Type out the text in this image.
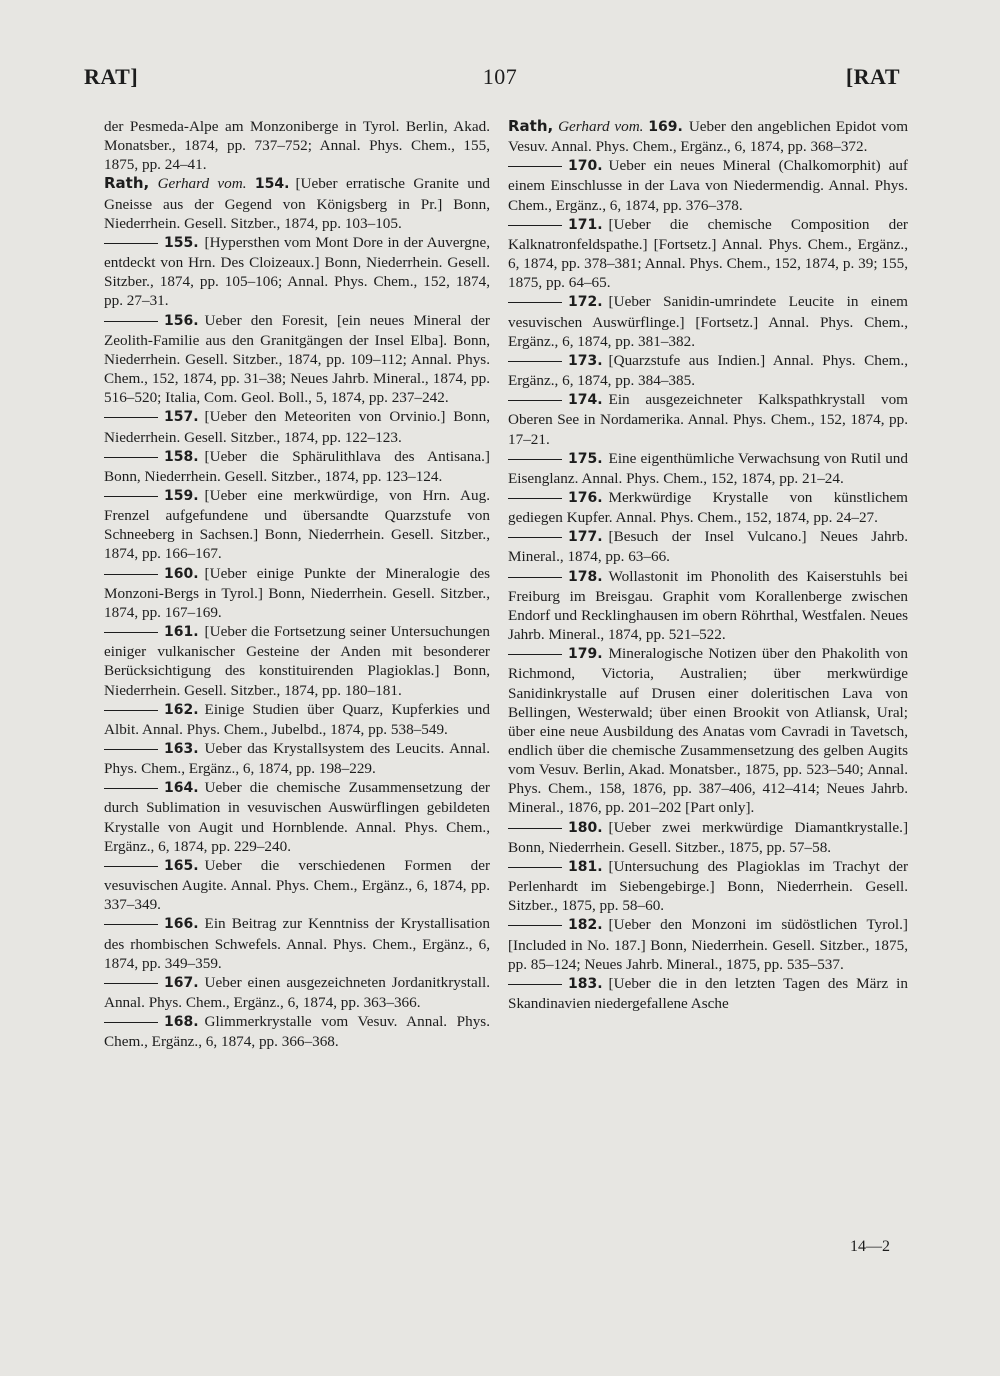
107
RAT]	[RAT

der Pesmeda-Alpe am Monzoniberge in Tyrol. Berlin, Akad. Monatsber., 1874, pp. 737–752; Annal. Phys. Chem., 155, 1875, pp. 24–41.

Rath, Gerhard vom. 154. [Ueber erratische Granite und Gneisse aus der Gegend von Königsberg in Pr.] Bonn, Niederrhein. Gesell. Sitzber., 1874, pp. 103–105.

155. [Hypersthen vom Mont Dore in der Auvergne, entdeckt von Hrn. Des Cloizeaux.] Bonn, Niederrhein. Gesell. Sitzber., 1874, pp. 105–106; Annal. Phys. Chem., 152, 1874, pp. 27–31.

156. Ueber den Foresit, [ein neues Mineral der Zeolith-Familie aus den Granitgängen der Insel Elba]. Bonn, Niederrhein. Gesell. Sitzber., 1874, pp. 109–112; Annal. Phys. Chem., 152, 1874, pp. 31–38; Neues Jahrb. Mineral., 1874, pp. 516–520; Italia, Com. Geol. Boll., 5, 1874, pp. 237–242.

157. [Ueber den Meteoriten von Orvinio.] Bonn, Niederrhein. Gesell. Sitzber., 1874, pp. 122–123.

158. [Ueber die Sphärulithlava des Antisana.] Bonn, Niederrhein. Gesell. Sitzber., 1874, pp. 123–124.

159. [Ueber eine merkwürdige, von Hrn. Aug. Frenzel aufgefundene und übersandte Quarzstufe von Schneeberg in Sachsen.] Bonn, Niederrhein. Gesell. Sitzber., 1874, pp. 166–167.

160. [Ueber einige Punkte der Mineralogie des Monzoni-Bergs in Tyrol.] Bonn, Niederrhein. Gesell. Sitzber., 1874, pp. 167–169.

161. [Ueber die Fortsetzung seiner Untersuchungen einiger vulkanischer Gesteine der Anden mit besonderer Berücksichtigung des konstituirenden Plagioklas.] Bonn, Niederrhein. Gesell. Sitzber., 1874, pp. 180–181.

162. Einige Studien über Quarz, Kupferkies und Albit. Annal. Phys. Chem., Jubelbd., 1874, pp. 538–549.

163. Ueber das Krystallsystem des Leucits. Annal. Phys. Chem., Ergänz., 6, 1874, pp. 198–229.

164. Ueber die chemische Zusammensetzung der durch Sublimation in vesuvischen Auswürflingen gebildeten Krystalle von Augit und Hornblende. Annal. Phys. Chem., Ergänz., 6, 1874, pp. 229–240.

165. Ueber die verschiedenen Formen der vesuvischen Augite. Annal. Phys. Chem., Ergänz., 6, 1874, pp. 337–349.

166. Ein Beitrag zur Kenntniss der Krystallisation des rhombischen Schwefels. Annal. Phys. Chem., Ergänz., 6, 1874, pp. 349–359.

167. Ueber einen ausgezeichneten Jordanitkrystall. Annal. Phys. Chem., Ergänz., 6, 1874, pp. 363–366.

168. Glimmerkrystalle vom Vesuv. Annal. Phys. Chem., Ergänz., 6, 1874, pp. 366–368.

Rath, Gerhard vom. 169. Ueber den angeblichen Epidot vom Vesuv. Annal. Phys. Chem., Ergänz., 6, 1874, pp. 368–372.

170. Ueber ein neues Mineral (Chalkomorphit) auf einem Einschlusse in der Lava von Niedermendig. Annal. Phys. Chem., Ergänz., 6, 1874, pp. 376–378.

171. [Ueber die chemische Composition der Kalknatronfeldspathe.] [Fortsetz.] Annal. Phys. Chem., Ergänz., 6, 1874, pp. 378–381; Annal. Phys. Chem., 152, 1874, p. 39; 155, 1875, pp. 64–65.

172. [Ueber Sanidin-umrindete Leucite in einem vesuvischen Auswürflinge.] [Fortsetz.] Annal. Phys. Chem., Ergänz., 6, 1874, pp. 381–382.

173. [Quarzstufe aus Indien.] Annal. Phys. Chem., Ergänz., 6, 1874, pp. 384–385.

174. Ein ausgezeichneter Kalkspathkrystall vom Oberen See in Nordamerika. Annal. Phys. Chem., 152, 1874, pp. 17–21.

175. Eine eigenthümliche Verwachsung von Rutil und Eisenglanz. Annal. Phys. Chem., 152, 1874, pp. 21–24.

176. Merkwürdige Krystalle von künstlichem gediegen Kupfer. Annal. Phys. Chem., 152, 1874, pp. 24–27.

177. [Besuch der Insel Vulcano.] Neues Jahrb. Mineral., 1874, pp. 63–66.

178. Wollastonit im Phonolith des Kaiserstuhls bei Freiburg im Breisgau. Graphit vom Korallenberge zwischen Endorf und Recklinghausen im obern Röhrthal, Westfalen. Neues Jahrb. Mineral., 1874, pp. 521–522.

179. Mineralogische Notizen über den Phakolith von Richmond, Victoria, Australien; über merkwürdige Sanidinkrystalle auf Drusen einer doleritischen Lava von Bellingen, Westerwald; über einen Brookit von Atliansk, Ural; über eine neue Ausbildung des Anatas vom Cavradi in Tavetsch, endlich über die chemische Zusammensetzung des gelben Augits vom Vesuv. Berlin, Akad. Monatsber., 1875, pp. 523–540; Annal. Phys. Chem., 158, 1876, pp. 387–406, 412–414; Neues Jahrb. Mineral., 1876, pp. 201–202 [Part only].

180. [Ueber zwei merkwürdige Diamantkrystalle.] Bonn, Niederrhein. Gesell. Sitzber., 1875, pp. 57–58.

181. [Untersuchung des Plagioklas im Trachyt der Perlenhardt im Siebengebirge.] Bonn, Niederrhein. Gesell. Sitzber., 1875, pp. 58–60.

182. [Ueber den Monzoni im südöstlichen Tyrol.] [Included in No. 187.] Bonn, Niederrhein. Gesell. Sitzber., 1875, pp. 85–124; Neues Jahrb. Mineral., 1875, pp. 535–537.

183. [Ueber die in den letzten Tagen des März in Skandinavien niedergefallene Asche

14—2
